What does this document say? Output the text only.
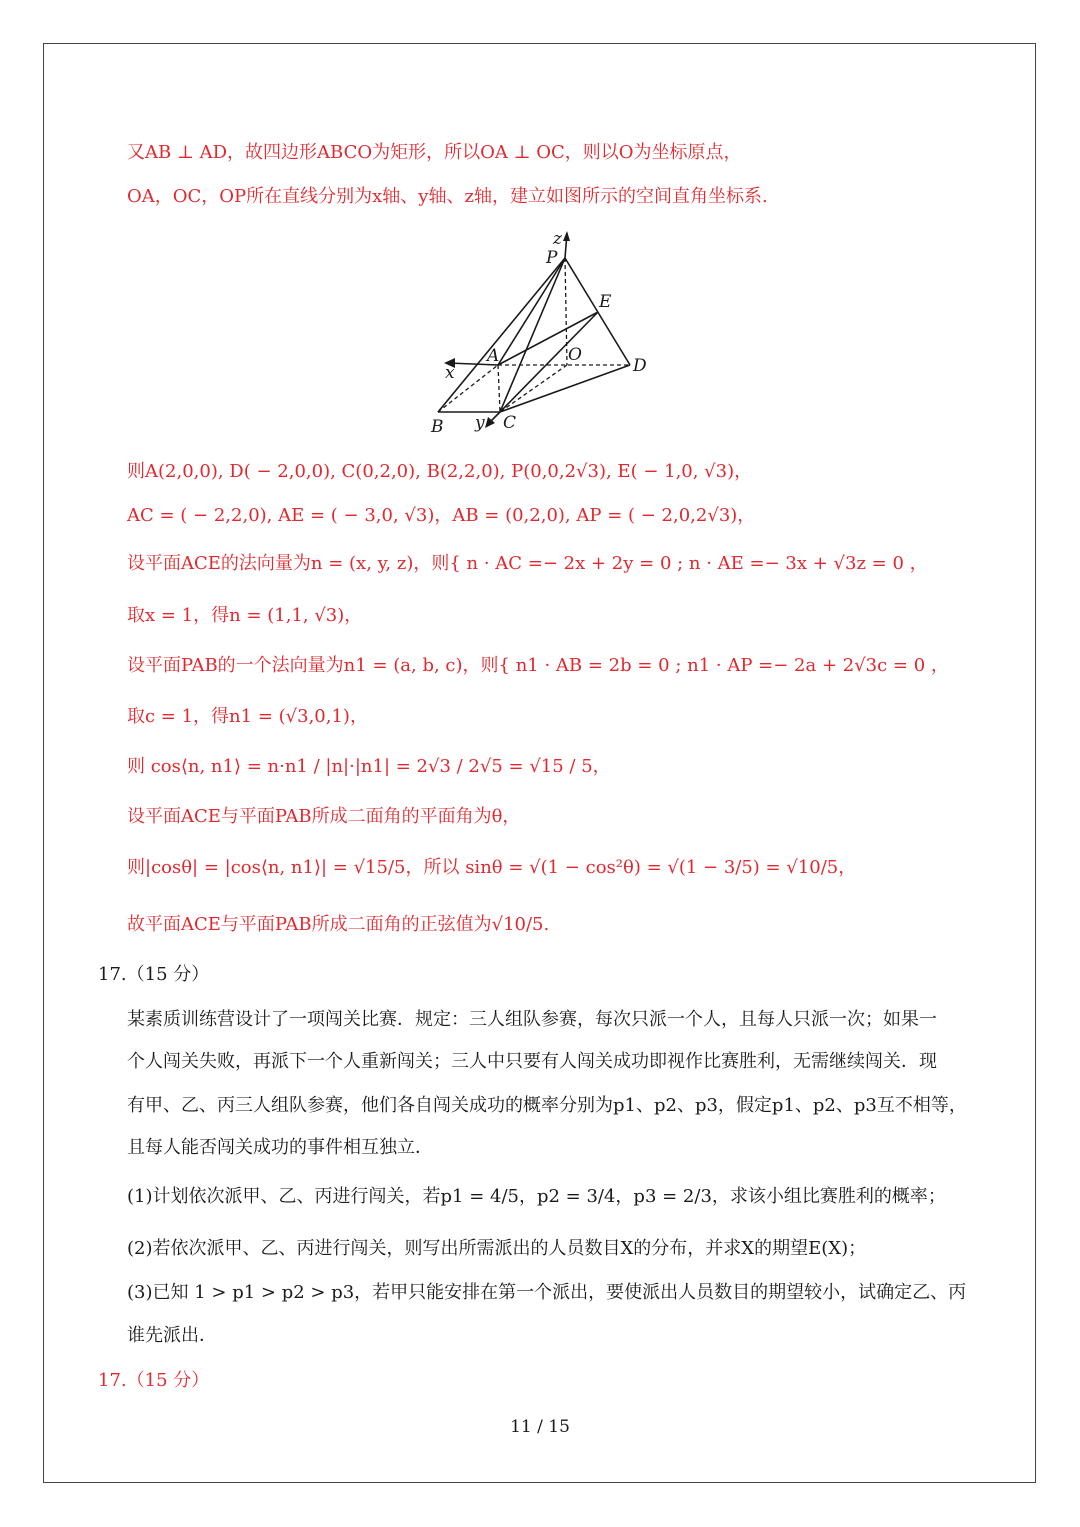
又AB ⊥ AD，故四边形ABCO为矩形，所以OA ⊥ OC，则以O为坐标原点，
OA，OC，OP所在直线分别为x轴、y轴、z轴，建立如图所示的空间直角坐标系.
z
P
E
A	O
D
x
B y C
则A(2,0,0), D( − 2,0,0), C(0,2,0), B(2,2,0), P(0,0,2√3), E( − 1,0, √3)，
AC = ( − 2,2,0), AE = ( − 3,0, √3)，AB = (0,2,0), AP = ( − 2,0,2√3)，
设平面ACE的法向量为n = (x, y, z)，则{ n · AC =− 2x + 2y = 0 ; n · AE =− 3x + √3z = 0 ，
取x = 1，得n = (1,1, √3)，
设平面PAB的一个法向量为n1 = (a, b, c)，则{ n1 · AB = 2b = 0 ; n1 · AP =− 2a + 2√3c = 0 ，
取c = 1，得n1 = (√3,0,1)，
则 cos⟨n, n1⟩ = n·n1 / |n|·|n1| = 2√3 / 2√5 = √15 / 5，
设平面ACE与平面PAB所成二面角的平面角为θ，
则|cosθ| = |cos⟨n, n1⟩| = √15/5，所以 sinθ = √(1 − cos²θ) = √(1 − 3/5) = √10/5，
故平面ACE与平面PAB所成二面角的正弦值为√10/5.
17.（15 分）
某素质训练营设计了一项闯关比赛．规定：三人组队参赛，每次只派一个人，且每人只派一次；如果一
个人闯关失败，再派下一个人重新闯关；三人中只要有人闯关成功即视作比赛胜利，无需继续闯关．现
有甲、乙、丙三人组队参赛，他们各自闯关成功的概率分别为p1、p2、p3，假定p1、p2、p3互不相等，
且每人能否闯关成功的事件相互独立．
(1)计划依次派甲、乙、丙进行闯关，若p1 = 4/5，p2 = 3/4，p3 = 2/3，求该小组比赛胜利的概率；
(2)若依次派甲、乙、丙进行闯关，则写出所需派出的人员数目X的分布，并求X的期望E(X)；
(3)已知 1 > p1 > p2 > p3，若甲只能安排在第一个派出，要使派出人员数目的期望较小，试确定乙、丙
谁先派出．
17.（15 分）
11 / 15
